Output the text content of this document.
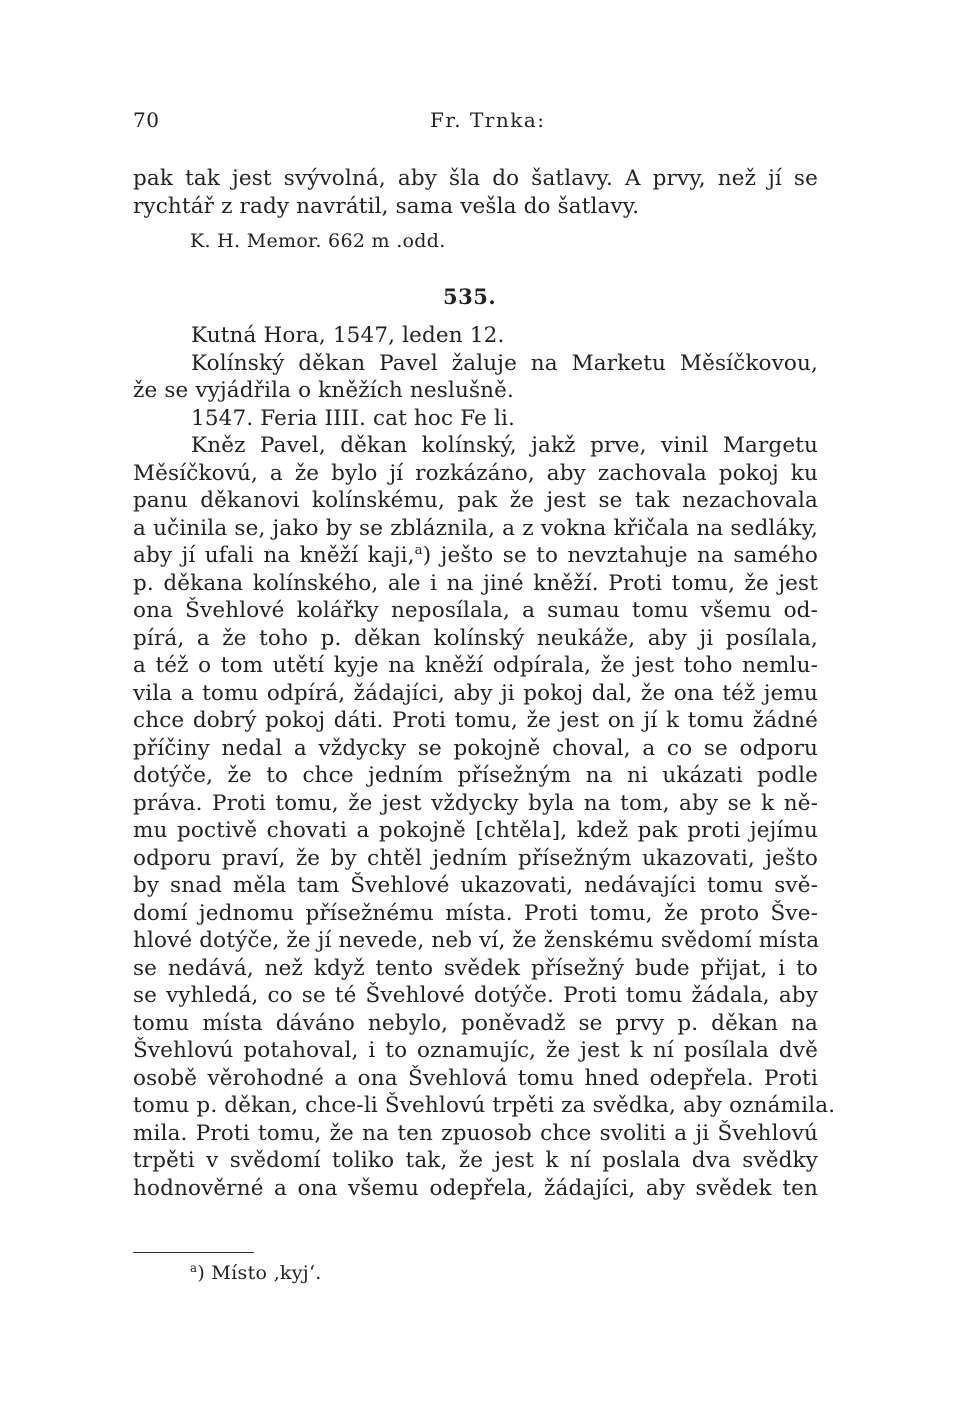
70	Fr. Trnka:
pak tak jest svývolná, aby šla do šatlavy. A prvy, než jí se
rychtář z rady navrátil, sama vešla do šatlavy.
K. H. Memor. 662 m .odd.
535.
Kutná Hora, 1547, leden 12.
Kolínský děkan Pavel žaluje na Marketu Měsíčkovou,
že se vyjádřila o kněžích neslušně.
1547. Feria IIII. cat hoc Fe li.
Kněz Pavel, děkan kolínský, jakž prve, vinil Margetu
Měsíčkovú, a že bylo jí rozkázáno, aby zachovala pokoj ku
panu děkanovi kolínskému, pak že jest se tak nezachovala
a učinila se, jako by se zbláznila, a z vokna křičala na sedláky,
aby jí ufali na kněží kaji,$^a$) ješto se to nevztahuje na samého
p. děkana kolínského, ale i na jiné kněží. Proti tomu, že jest
ona Švehlové kolářky neposílala, a sumau tomu všemu od-
pírá, a že toho p. děkan kolínský neukáže, aby ji posílala,
a též o tom utětí kyje na kněží odpírala, že jest toho nemlu-
vila a tomu odpírá, žádajíci, aby ji pokoj dal, že ona též jemu
chce dobrý pokoj dáti. Proti tomu, že jest on jí k tomu žádné
příčiny nedal a vždycky se pokojně choval, a co se odporu
dotýče, že to chce jedním přísežným na ni ukázati podle
práva. Proti tomu, že jest vždycky byla na tom, aby se k ně-
mu poctivě chovati a pokojně [chtěla], kdež pak proti jejímu
odporu praví, že by chtěl jedním přísežným ukazovati, ješto
by snad měla tam Švehlové ukazovati, nedávajíci tomu svě-
domí jednomu přísežnému místa. Proti tomu, že proto Šve-
hlové dotýče, že jí nevede, neb ví, že ženskému svědomí místa
se nedává, než když tento svědek přísežný bude přijat, i to
se vyhledá, co se té Švehlové dotýče. Proti tomu žádala, aby
tomu místa dáváno nebylo, poněvadž se prvy p. děkan na
Švehlovú potahoval, i to oznamujíc, že jest k ní posílala dvě
osobě věrohodné a ona Švehlová tomu hned odepřela. Proti
tomu p. děkan, chce-li Švehlovú trpěti za svědka, aby oznámila.
mila. Proti tomu, že na ten zpuosob chce svoliti a ji Švehlovú
trpěti v svědomí toliko tak, že jest k ní poslala dva svědky
hodnověrné a ona všemu odepřela, žádajíci, aby svědek ten
$^a$) Místo ‚kyj‘.
